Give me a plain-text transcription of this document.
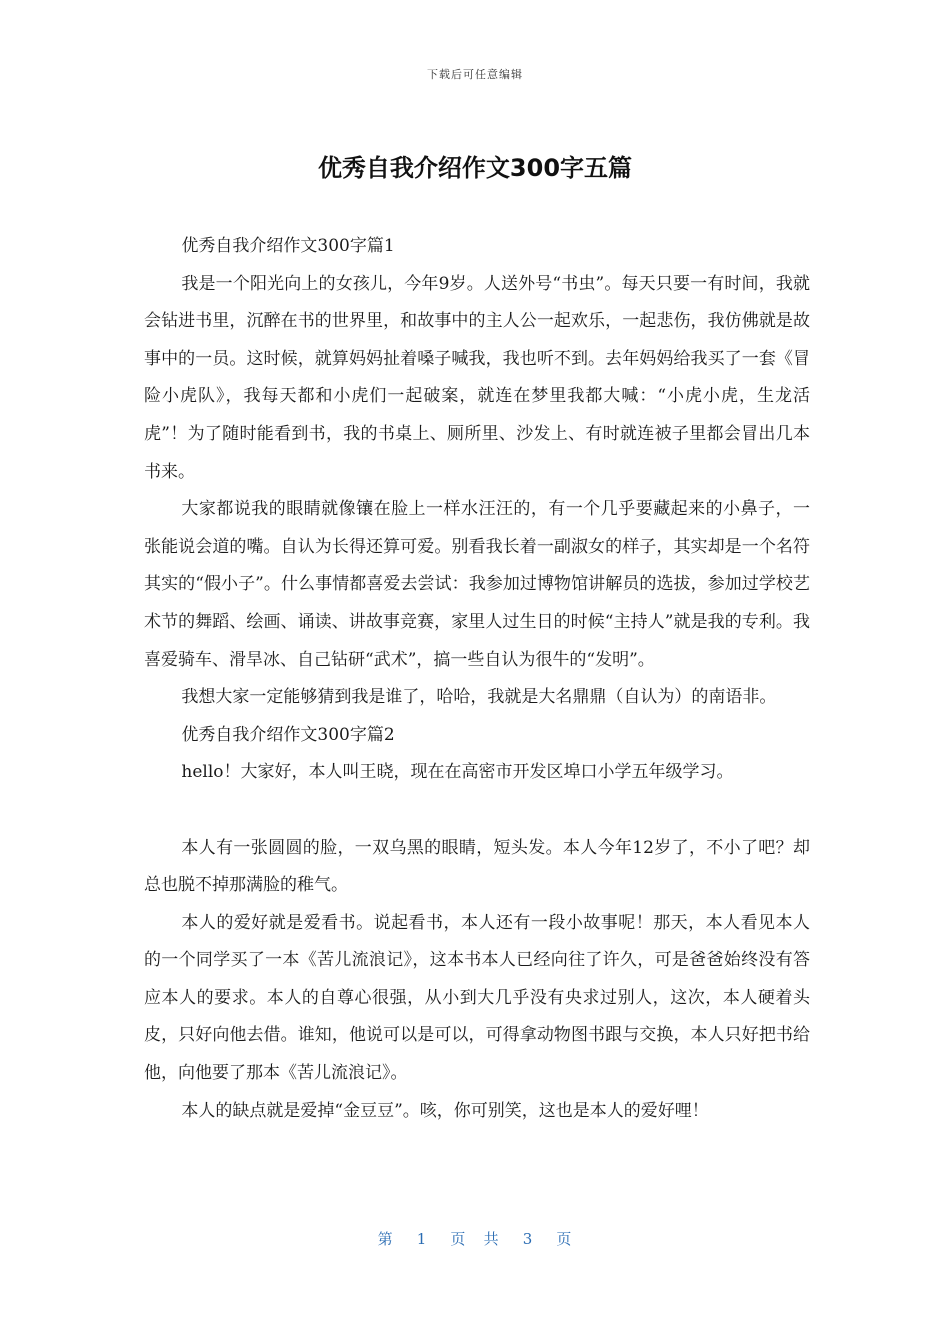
下载后可任意编辑
优秀自我介绍作文300字五篇

优秀自我介绍作文300字篇1

我是一个阳光向上的女孩儿，今年9岁。人送外号“书虫”。每天只要一有时间，我就会钻进书里，沉醉在书的世界里，和故事中的主人公一起欢乐，一起悲伤，我仿佛就是故事中的一员。这时候，就算妈妈扯着嗓子喊我，我也听不到。去年妈妈给我买了一套《冒险小虎队》，我每天都和小虎们一起破案，就连在梦里我都大喊：“小虎小虎，生龙活虎”！为了随时能看到书，我的书桌上、厕所里、沙发上、有时就连被子里都会冒出几本书来。

大家都说我的眼睛就像镶在脸上一样水汪汪的，有一个几乎要藏起来的小鼻子，一张能说会道的嘴。自认为长得还算可爱。别看我长着一副淑女的样子，其实却是一个名符其实的“假小子”。什么事情都喜爱去尝试：我参加过博物馆讲解员的选拔，参加过学校艺术节的舞蹈、绘画、诵读、讲故事竞赛，家里人过生日的时候“主持人”就是我的专利。我喜爱骑车、滑旱冰、自己钻研“武术”，搞一些自认为很牛的“发明”。

我想大家一定能够猜到我是谁了，哈哈，我就是大名鼎鼎（自认为）的南语非。

优秀自我介绍作文300字篇2

hello！大家好，本人叫王晓，现在在高密市开发区埠口小学五年级学习。

本人有一张圆圆的脸，一双乌黑的眼睛，短头发。本人今年12岁了，不小了吧？却总也脱不掉那满脸的稚气。

本人的爱好就是爱看书。说起看书，本人还有一段小故事呢！那天，本人看见本人的一个同学买了一本《苦儿流浪记》，这本书本人已经向往了许久，可是爸爸始终没有答应本人的要求。本人的自尊心很强，从小到大几乎没有央求过别人，这次，本人硬着头皮，只好向他去借。谁知，他说可以是可以，可得拿动物图书跟与交换，本人只好把书给他，向他要了那本《苦儿流浪记》。

本人的缺点就是爱掉“金豆豆”。咳，你可别笑，这也是本人的爱好哩！

第 1 页   共 3 页
